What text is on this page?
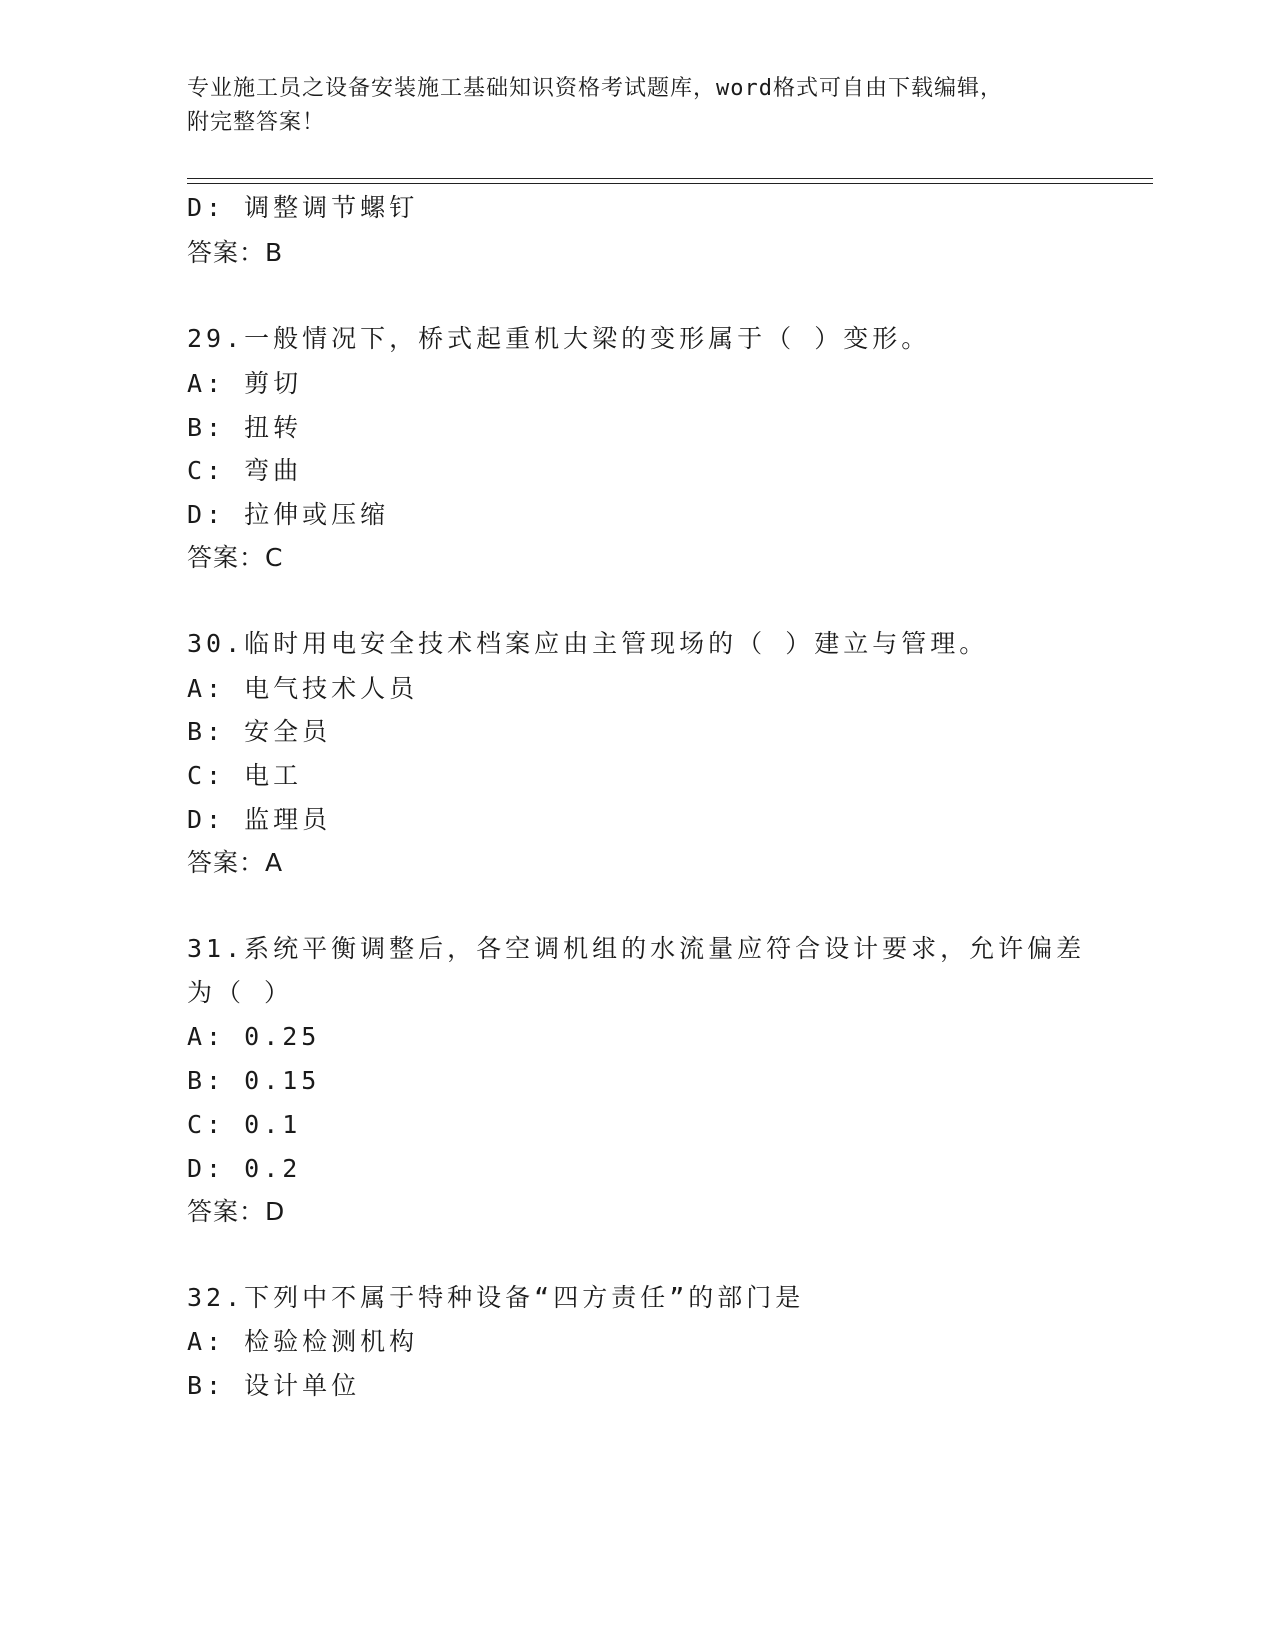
专业施工员之设备安装施工基础知识资格考试题库，word格式可自由下载编辑，
附完整答案！
D: 调整调节螺钉
答案：B
29.一般情况下，桥式起重机大梁的变形属于（ ）变形。
A: 剪切
B: 扭转
C: 弯曲
D: 拉伸或压缩
答案：C
30.临时用电安全技术档案应由主管现场的（ ）建立与管理。
A: 电气技术人员
B: 安全员
C: 电工
D: 监理员
答案：A
31.系统平衡调整后，各空调机组的水流量应符合设计要求，允许偏差
为（ ）
A: 0.25
B: 0.15
C: 0.1
D: 0.2
答案：D
32.下列中不属于特种设备“四方责任”的部门是
A: 检验检测机构
B: 设计单位
